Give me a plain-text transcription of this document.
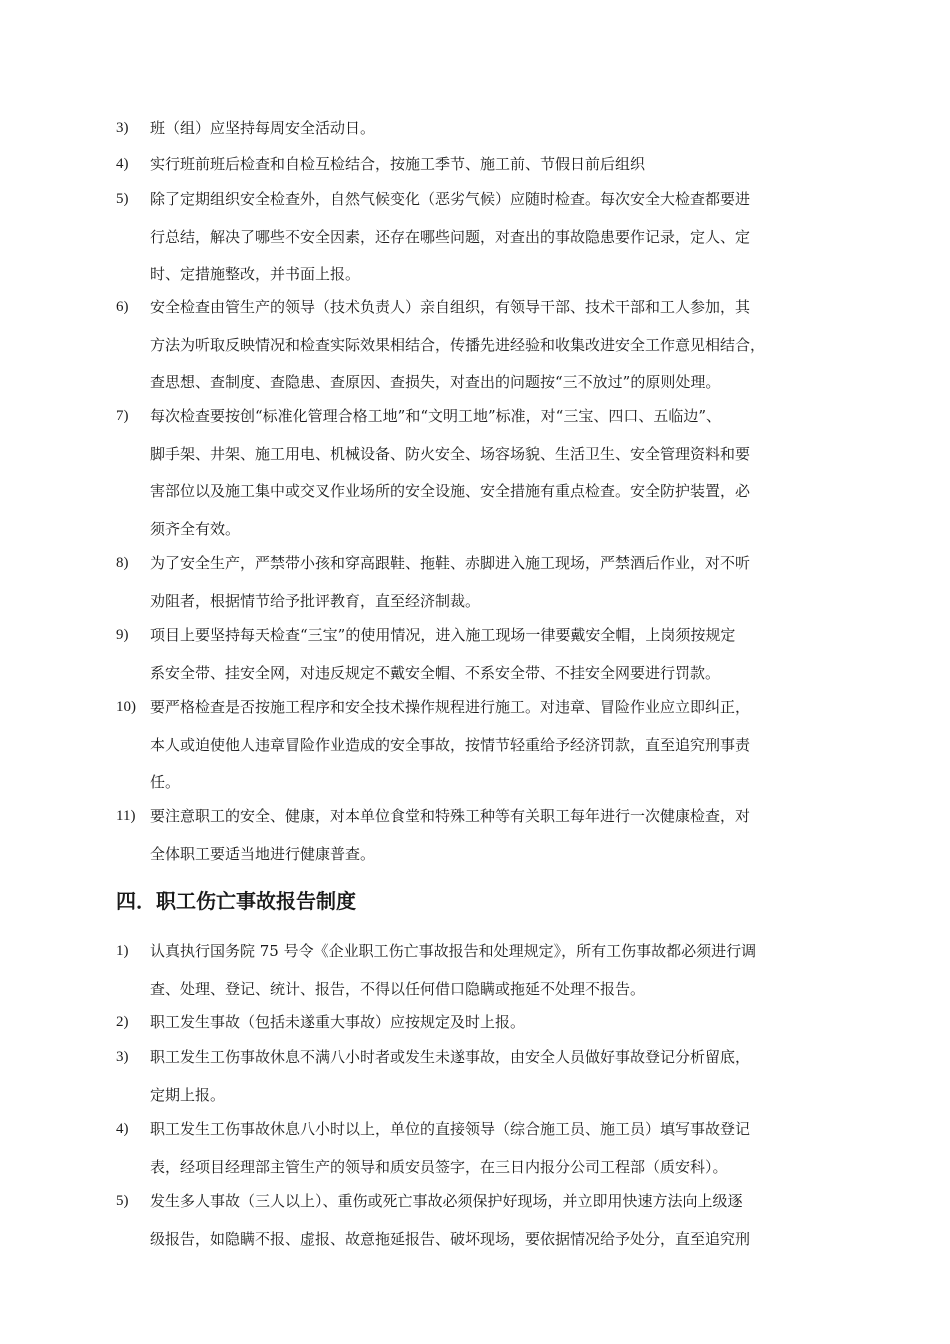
3) 班（组）应坚持每周安全活动日。
4) 实行班前班后检查和自检互检结合，按施工季节、施工前、节假日前后组织
5) 除了定期组织安全检查外，自然气候变化（恶劣气候）应随时检查。每次安全大检查都要进
行总结，解决了哪些不安全因素，还存在哪些问题，对查出的事故隐患要作记录，定人、定
时、定措施整改，并书面上报。
6) 安全检查由管生产的领导（技术负责人）亲自组织，有领导干部、技术干部和工人参加，其
方法为听取反映情况和检查实际效果相结合，传播先进经验和收集改进安全工作意见相结合，
查思想、查制度、查隐患、查原因、查损失，对查出的问题按“三不放过”的原则处理。
7) 每次检查要按创“标准化管理合格工地”和“文明工地”标准，对“三宝、四口、五临边”、
脚手架、井架、施工用电、机械设备、防火安全、场容场貌、生活卫生、安全管理资料和要
害部位以及施工集中或交叉作业场所的安全设施、安全措施有重点检查。安全防护装置，必
须齐全有效。
8) 为了安全生产，严禁带小孩和穿高跟鞋、拖鞋、赤脚进入施工现场，严禁酒后作业，对不听
劝阻者，根据情节给予批评教育，直至经济制裁。
9) 项目上要坚持每天检查“三宝”的使用情况，进入施工现场一律要戴安全帽，上岗须按规定
系安全带、挂安全网，对违反规定不戴安全帽、不系安全带、不挂安全网要进行罚款。
10) 要严格检查是否按施工程序和安全技术操作规程进行施工。对违章、冒险作业应立即纠正，
本人或迫使他人违章冒险作业造成的安全事故，按情节轻重给予经济罚款，直至追究刑事责
任。
11) 要注意职工的安全、健康，对本单位食堂和特殊工种等有关职工每年进行一次健康检查，对
全体职工要适当地进行健康普查。
四．职工伤亡事故报告制度
1) 认真执行国务院 75 号令《企业职工伤亡事故报告和处理规定》，所有工伤事故都必须进行调
查、处理、登记、统计、报告，不得以任何借口隐瞒或拖延不处理不报告。
2) 职工发生事故（包括未遂重大事故）应按规定及时上报。
3) 职工发生工伤事故休息不满八小时者或发生未遂事故，由安全人员做好事故登记分析留底，
定期上报。
4) 职工发生工伤事故休息八小时以上，单位的直接领导（综合施工员、施工员）填写事故登记
表，经项目经理部主管生产的领导和质安员签字，在三日内报分公司工程部（质安科）。
5) 发生多人事故（三人以上）、重伤或死亡事故必须保护好现场，并立即用快速方法向上级逐
级报告，如隐瞒不报、虚报、故意拖延报告、破坏现场，要依据情况给予处分，直至追究刑
